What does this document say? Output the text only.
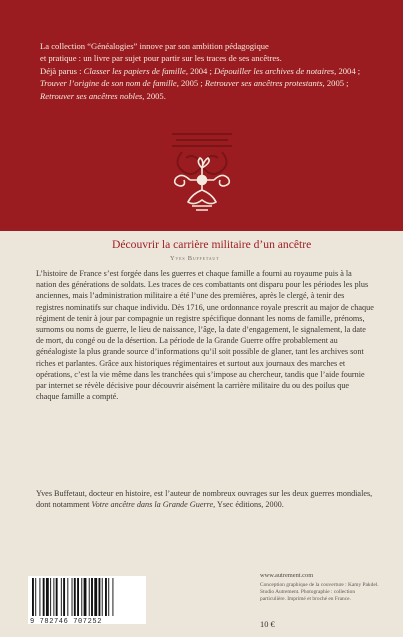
La collection “Généalogies” innove par son ambition pédagogique
et pratique : un livre par sujet pour partir sur les traces de ses ancêtres.
Déjà parus : Classer les papiers de famille, 2004 ; Dépouiller les archives de notaires, 2004 ; Trouver l’origine de son nom de famille, 2005 ; Retrouver ses ancêtres protestants, 2005 ; Retrouver ses ancêtres nobles, 2005.
Découvrir la carrière militaire d’un ancêtre
Yves Buffetaut

L’histoire de France s’est forgée dans les guerres et chaque famille a fourni au royaume puis à la nation des générations de soldats. Les traces de ces combattants ont disparu pour les périodes les plus anciennes, mais l’administration militaire a été l’une des premières, après le clergé, à tenir des registres nominatifs sur chaque individu. Dès 1716, une ordonnance royale prescrit au major de chaque régiment de tenir à jour par compagnie un registre spécifique donnant les noms de famille, prénoms, surnoms ou noms de guerre, le lieu de naissance, l’âge, la date d’engagement, le signalement, la date de mort, du congé ou de la désertion. La période de la Grande Guerre offre probablement au généalogiste la plus grande source d’informations qu’il soit possible de glaner, tant les archives sont riches et parlantes. Grâce aux historiques régimentaires et surtout aux journaux des marches et opérations, c’est la vie même dans les tranchées qui s’impose au chercheur, tandis que l’aide fournie par internet se révèle décisive pour découvrir aisément la carrière militaire du ou des poilus que chaque famille a compté.

Yves Buffetaut, docteur en histoire, est l’auteur de nombreux ouvrages sur les deux guerres mondiales, dont notamment Votre ancêtre dans la Grande Guerre, Ysec éditions, 2000.
9 782746 707252
www.autrement.com
Conception graphique de la couverture : Kamy Pakdel. Studio Autrement. Photographie : collection particulière. Imprimé et broché en France.
10 €
